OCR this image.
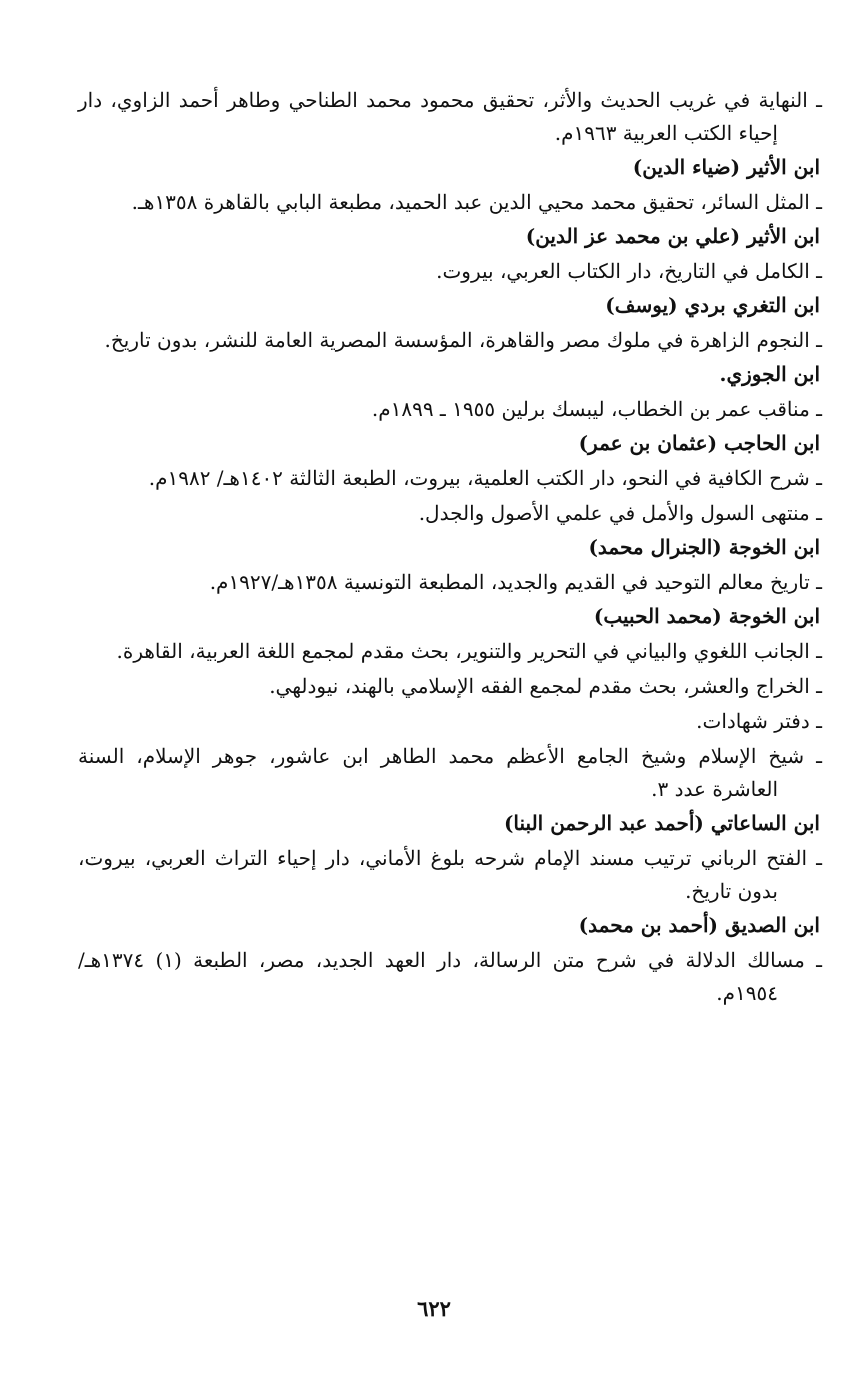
ـ النهاية في غريب الحديث والأثر، تحقيق محمود محمد الطناحي وطاهر أحمد الزاوي، دار إحياء الكتب العربية ١٩٦٣م.
ابن الأثير (ضياء الدين)
ـ المثل السائر، تحقيق محمد محيي الدين عبد الحميد، مطبعة البابي بالقاهرة ١٣٥٨هـ.
ابن الأثير (علي بن محمد عز الدين)
ـ الكامل في التاريخ، دار الكتاب العربي، بيروت.
ابن التغري بردي (يوسف)
ـ النجوم الزاهرة في ملوك مصر والقاهرة، المؤسسة المصرية العامة للنشر، بدون تاريخ.
ابن الجوزي.
ـ مناقب عمر بن الخطاب، ليبسك برلين ١٩٥٥ ـ ١٨٩٩م.
ابن الحاجب (عثمان بن عمر)
ـ شرح الكافية في النحو، دار الكتب العلمية، بيروت، الطبعة الثالثة ١٤٠٢هـ/ ١٩٨٢م.
ـ منتهى السول والأمل في علمي الأصول والجدل.
ابن الخوجة (الجنرال محمد)
ـ تاريخ معالم التوحيد في القديم والجديد، المطبعة التونسية ١٣٥٨هـ/١٩٢٧م.
ابن الخوجة (محمد الحبيب)
ـ الجانب اللغوي والبياني في التحرير والتنوير، بحث مقدم لمجمع اللغة العربية، القاهرة.
ـ الخراج والعشر، بحث مقدم لمجمع الفقه الإسلامي بالهند، نيودلهي.
ـ دفتر شهادات.
ـ شيخ الإسلام وشيخ الجامع الأعظم محمد الطاهر ابن عاشور، جوهر الإسلام، السنة العاشرة عدد ٣.
ابن الساعاتي (أحمد عبد الرحمن البنا)
ـ الفتح الرباني ترتيب مسند الإمام شرحه بلوغ الأماني، دار إحياء التراث العربي، بيروت، بدون تاريخ.
ابن الصديق (أحمد بن محمد)
ـ مسالك الدلالة في شرح متن الرسالة، دار العهد الجديد، مصر، الطبعة (١) ١٣٧٤هـ/ ١٩٥٤م.
٦٢٢
